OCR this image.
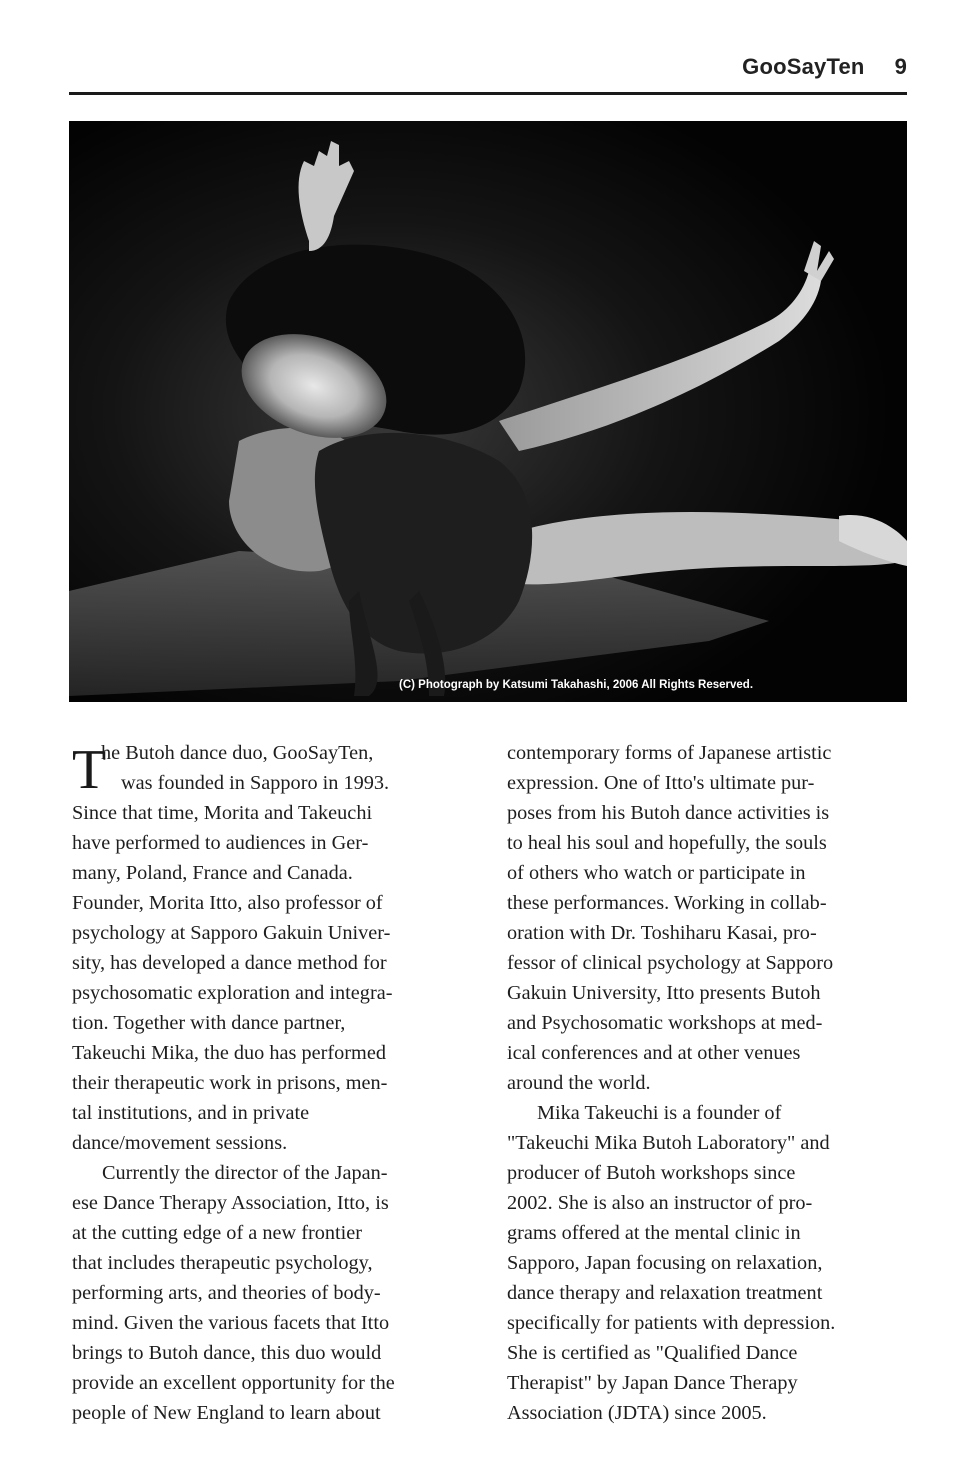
GooSayTen 9
(C) Photograph by Katsumi Takahashi, 2006 All Rights Reserved.

T
he Butoh dance duo, GooSayTen,
was founded in Sapporo in 1993.
Since that time, Morita and Takeuchi
have performed to audiences in Ger-
many, Poland, France and Canada.
Founder, Morita Itto, also professor of
psychology at Sapporo Gakuin Univer-
sity, has developed a dance method for
psychosomatic exploration and integra-
tion. Together with dance partner,
Takeuchi Mika, the duo has performed
their therapeutic work in prisons, men-
tal institutions, and in private
dance/movement sessions.

Currently the director of the Japan-
ese Dance Therapy Association, Itto, is
at the cutting edge of a new frontier
that includes therapeutic psychology,
performing arts, and theories of body-
mind. Given the various facets that Itto
brings to Butoh dance, this duo would
provide an excellent opportunity for the
people of New England to learn about

contemporary forms of Japanese artistic
expression. One of Itto's ultimate pur-
poses from his Butoh dance activities is
to heal his soul and hopefully, the souls
of others who watch or participate in
these performances. Working in collab-
oration with Dr. Toshiharu Kasai, pro-
fessor of clinical psychology at Sapporo
Gakuin University, Itto presents Butoh
and Psychosomatic workshops at med-
ical conferences and at other venues
around the world.

Mika Takeuchi is a founder of
"Takeuchi Mika Butoh Laboratory" and
producer of Butoh workshops since
2002. She is also an instructor of pro-
grams offered at the mental clinic in
Sapporo, Japan focusing on relaxation,
dance therapy and relaxation treatment
specifically for patients with depression.
She is certified as "Qualified Dance
Therapist" by Japan Dance Therapy
Association (JDTA) since 2005.
